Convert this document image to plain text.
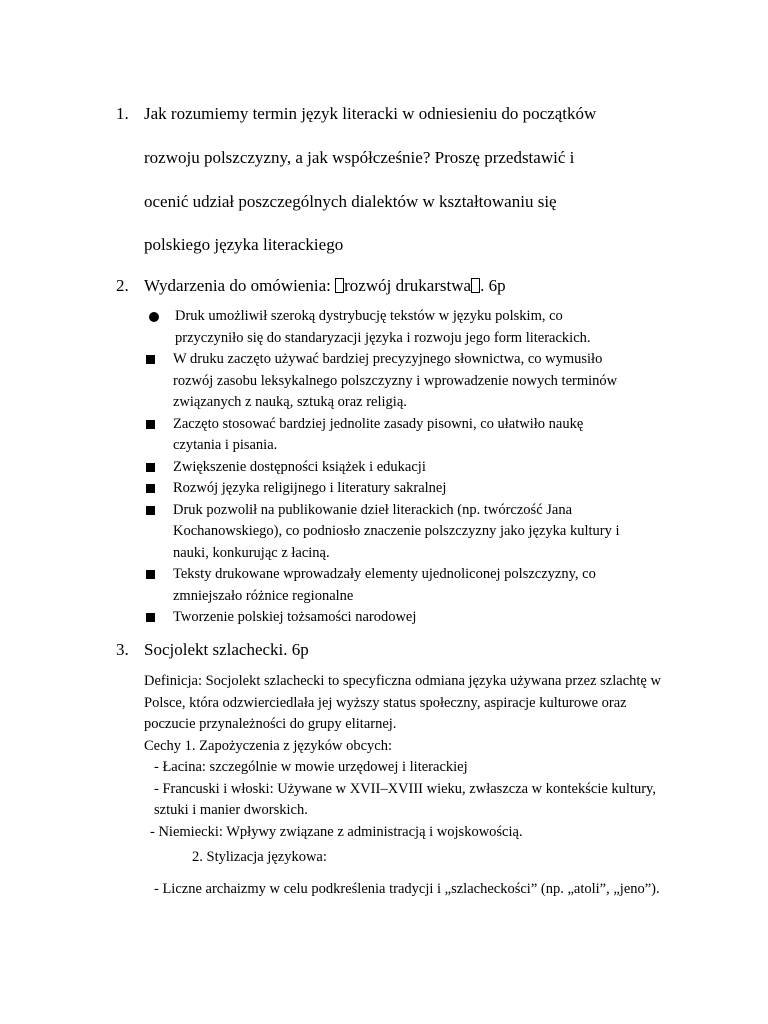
1. Jak rozumiemy termin język literacki w odniesieniu do początków
rozwoju polszczyzny, a jak współcześnie? Proszę przedstawić i
ocenić udział poszczególnych dialektów w kształtowaniu się
polskiego języka literackiego
2. Wydarzenia do omówienia: rozwój drukarstwa . 6p
Druk umożliwił szeroką dystrybucję tekstów w języku polskim, co
przyczyniło się do standaryzacji języka i rozwoju jego form literackich.
W druku zaczęto używać bardziej precyzyjnego słownictwa, co wymusiło
rozwój zasobu leksykalnego polszczyzny i wprowadzenie nowych terminów
związanych z nauką, sztuką oraz religią.
Zaczęto stosować bardziej jednolite zasady pisowni, co ułatwiło naukę
czytania i pisania.
Zwiększenie dostępności książek i edukacji
Rozwój języka religijnego i literatury sakralnej
Druk pozwolił na publikowanie dzieł literackich (np. twórczość Jana
Kochanowskiego), co podniosło znaczenie polszczyzny jako języka kultury i
nauki, konkurując z łaciną.
Teksty drukowane wprowadzały elementy ujednoliconej polszczyzny, co
zmniejszało różnice regionalne
Tworzenie polskiej tożsamości narodowej
3. Socjolekt szlachecki. 6p

Definicja: Socjolekt szlachecki to specyficzna odmiana języka używana przez szlachtę w Polsce, która odzwierciedlała jej wyższy status społeczny, aspiracje kulturowe oraz poczucie przynależności do grupy elitarnej.

Cechy 1. Zapożyczenia z języków obcych:

- Łacina: szczególnie w mowie urzędowej i literackiej

- Francuski i włoski: Używane w XVII–XVIII wieku, zwłaszcza w kontekście kultury, sztuki i manier dworskich.

- Niemiecki: Wpływy związane z administracją i wojskowością.

2. Stylizacja językowa:

- Liczne archaizmy w celu podkreślenia tradycji i „szlacheckości” (np. „atoli”, „jeno”).
